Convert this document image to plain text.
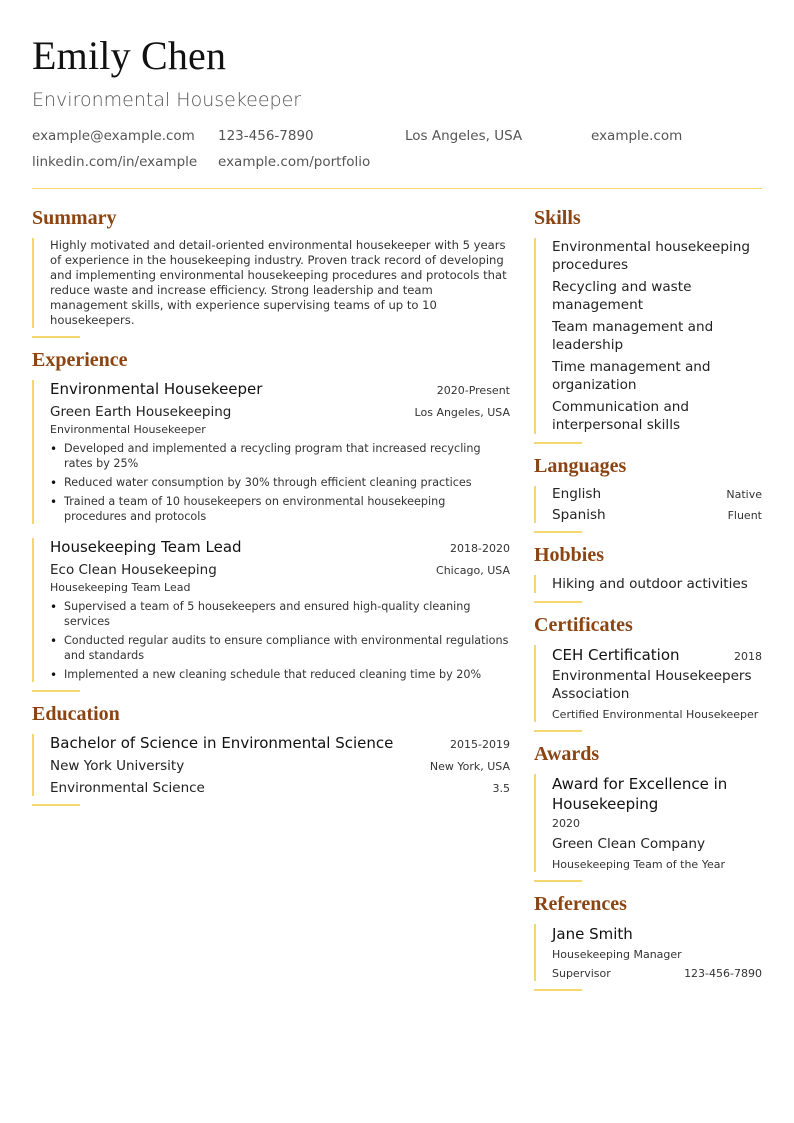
Emily Chen
Environmental Housekeeper
example@example.com 123-456-7890	Los Angeles, USA	example.com
linkedin.com/in/example example.com/portfolio
Summary

Highly motivated and detail-oriented environmental housekeeper with 5 years of experience in the housekeeping industry. Proven track record of developing and implementing environmental housekeeping procedures and protocols that reduce waste and increase efficiency. Strong leadership and team management skills, with experience supervising teams of up to 10 housekeepers.

Experience
Environmental Housekeeper	2020-Present
Green Earth Housekeeping	Los Angeles, USA
Environmental Housekeeper
• Developed and implemented a recycling program that increased recycling rates by 25%
• Reduced water consumption by 30% through efficient cleaning practices
• Trained a team of 10 housekeepers on environmental housekeeping procedures and protocols
Housekeeping Team Lead	2018-2020
Eco Clean Housekeeping	Chicago, USA
Housekeeping Team Lead
• Supervised a team of 5 housekeepers and ensured high-quality cleaning services
• Conducted regular audits to ensure compliance with environmental regulations and standards
• Implemented a new cleaning schedule that reduced cleaning time by 20%
Education
Bachelor of Science in Environmental Science	2015-2019
New York University	New York, USA
Environmental Science	3.5
Skills
Environmental housekeeping procedures
Recycling and waste management
Team management and leadership
Time management and organization
Communication and interpersonal skills
Languages
English	Native
Spanish	Fluent
Hobbies
Hiking and outdoor activities
Certificates
CEH Certification	2018
Environmental Housekeepers Association
Certified Environmental Housekeeper
Awards
Award for Excellence in Housekeeping
2020
Green Clean Company
Housekeeping Team of the Year
References
Jane Smith
Housekeeping Manager
Supervisor	123-456-7890
